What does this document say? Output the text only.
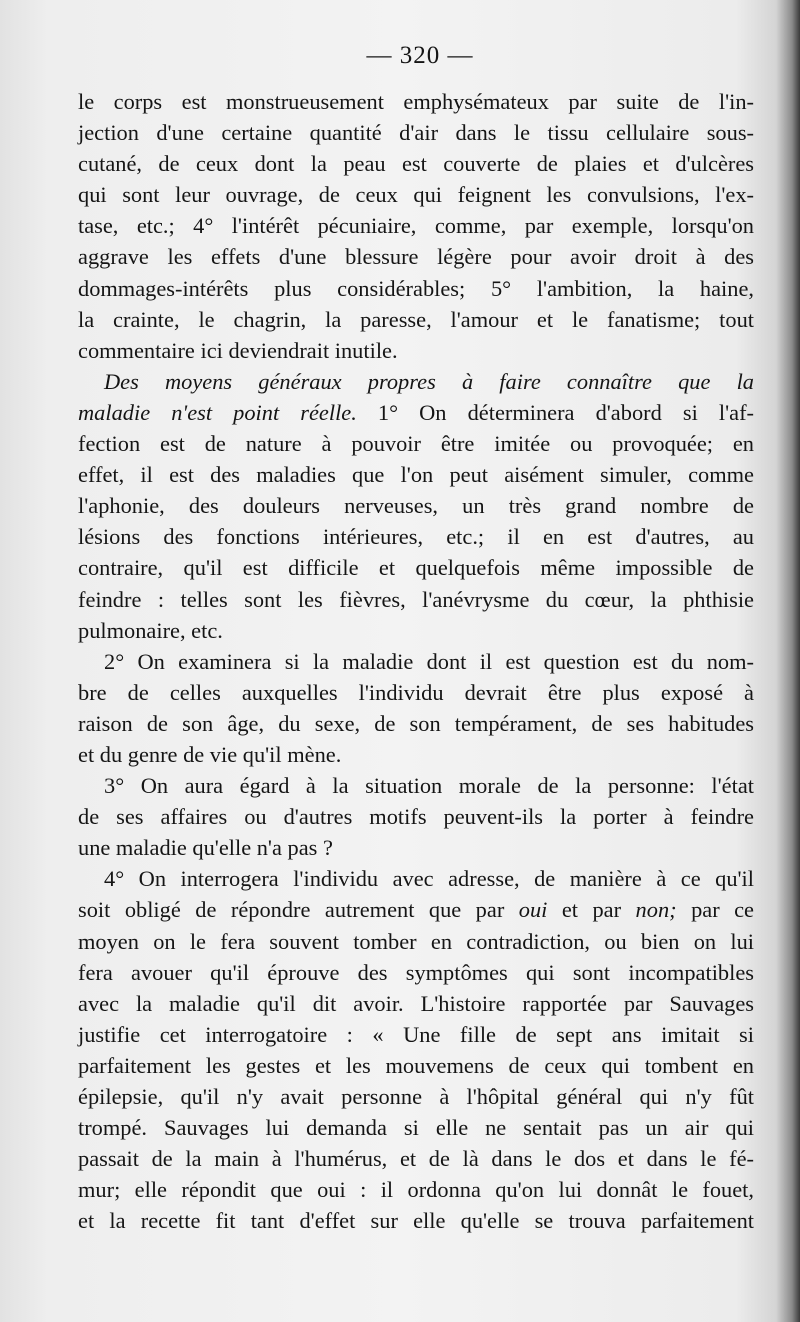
— 320 —
le corps est monstrueusement emphysémateux par suite de l'in-
jection d'une certaine quantité d'air dans le tissu cellulaire sous-
cutané, de ceux dont la peau est couverte de plaies et d'ulcères
qui sont leur ouvrage, de ceux qui feignent les convulsions, l'ex-
tase, etc.; 4° l'intérêt pécuniaire, comme, par exemple, lorsqu'on
aggrave les effets d'une blessure légère pour avoir droit à des
dommages-intérêts plus considérables; 5° l'ambition, la haine,
la crainte, le chagrin, la paresse, l'amour et le fanatisme; tout
commentaire ici deviendrait inutile.
Des moyens généraux propres à faire connaître que la
maladie n'est point réelle. 1° On déterminera d'abord si l'af-
fection est de nature à pouvoir être imitée ou provoquée; en
effet, il est des maladies que l'on peut aisément simuler, comme
l'aphonie, des douleurs nerveuses, un très grand nombre de
lésions des fonctions intérieures, etc.; il en est d'autres, au
contraire, qu'il est difficile et quelquefois même impossible de
feindre : telles sont les fièvres, l'anévrysme du cœur, la phthisie
pulmonaire, etc.
2° On examinera si la maladie dont il est question est du nom-
bre de celles auxquelles l'individu devrait être plus exposé à
raison de son âge, du sexe, de son tempérament, de ses habitudes
et du genre de vie qu'il mène.
3° On aura égard à la situation morale de la personne: l'état
de ses affaires ou d'autres motifs peuvent-ils la porter à feindre
une maladie qu'elle n'a pas ?
4° On interrogera l'individu avec adresse, de manière à ce qu'il
soit obligé de répondre autrement que par oui et par non; par ce
moyen on le fera souvent tomber en contradiction, ou bien on lui
fera avouer qu'il éprouve des symptômes qui sont incompatibles
avec la maladie qu'il dit avoir. L'histoire rapportée par Sauvages
justifie cet interrogatoire : « Une fille de sept ans imitait si
parfaitement les gestes et les mouvemens de ceux qui tombent en
épilepsie, qu'il n'y avait personne à l'hôpital général qui n'y fût
trompé. Sauvages lui demanda si elle ne sentait pas un air qui
passait de la main à l'humérus, et de là dans le dos et dans le fé-
mur; elle répondit que oui : il ordonna qu'on lui donnât le fouet,
et la recette fit tant d'effet sur elle qu'elle se trouva parfaitement
